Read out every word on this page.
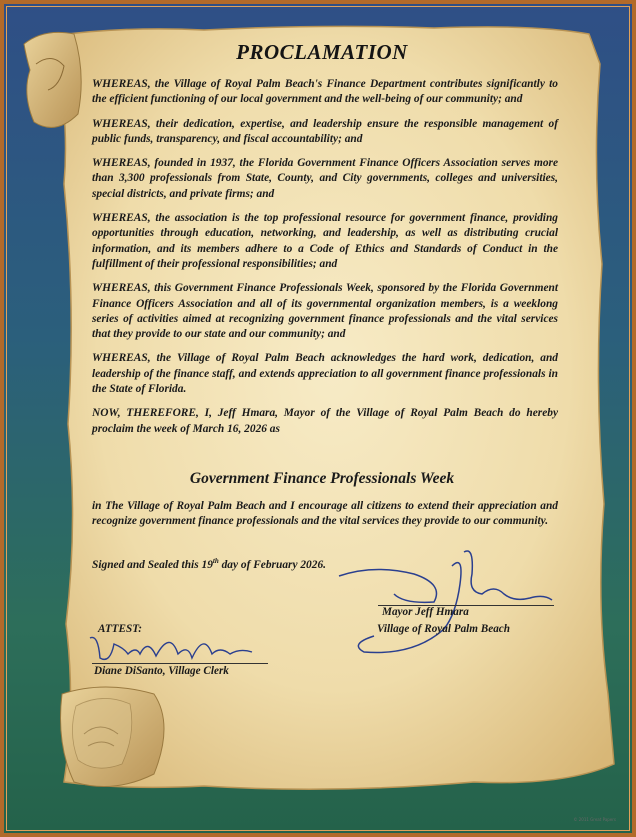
PROCLAMATION

WHEREAS, the Village of Royal Palm Beach's Finance Department contributes significantly to the efficient functioning of our local government and the well-being of our community; and

WHEREAS, their dedication, expertise, and leadership ensure the responsible management of public funds, transparency, and fiscal accountability; and

WHEREAS, founded in 1937, the Florida Government Finance Officers Association serves more than 3,300 professionals from State, County, and City governments, colleges and universities, special districts, and private firms; and

WHEREAS, the association is the top professional resource for government finance, providing opportunities through education, networking, and leadership, as well as distributing crucial information, and its members adhere to a Code of Ethics and Standards of Conduct in the fulfillment of their professional responsibilities; and

WHEREAS, this Government Finance Professionals Week, sponsored by the Florida Government Finance Officers Association and all of its governmental organization members, is a weeklong series of activities aimed at recognizing government finance professionals and the vital services that they provide to our state and our community; and

WHEREAS, the Village of Royal Palm Beach acknowledges the hard work, dedication, and leadership of the finance staff, and extends appreciation to all government finance professionals in the State of Florida.

NOW, THEREFORE, I, Jeff Hmara, Mayor of the Village of Royal Palm Beach do hereby proclaim the week of March 16, 2026 as

Government Finance Professionals Week
in The Village of Royal Palm Beach and I encourage all citizens to extend their appreciation and recognize government finance professionals and the vital services they provide to our community.
Signed and Sealed this 19th day of February 2026.
Mayor Jeff Hmara
Village of Royal Palm Beach
ATTEST:
Diane DiSanto, Village Clerk
© 2011 Great Papers
